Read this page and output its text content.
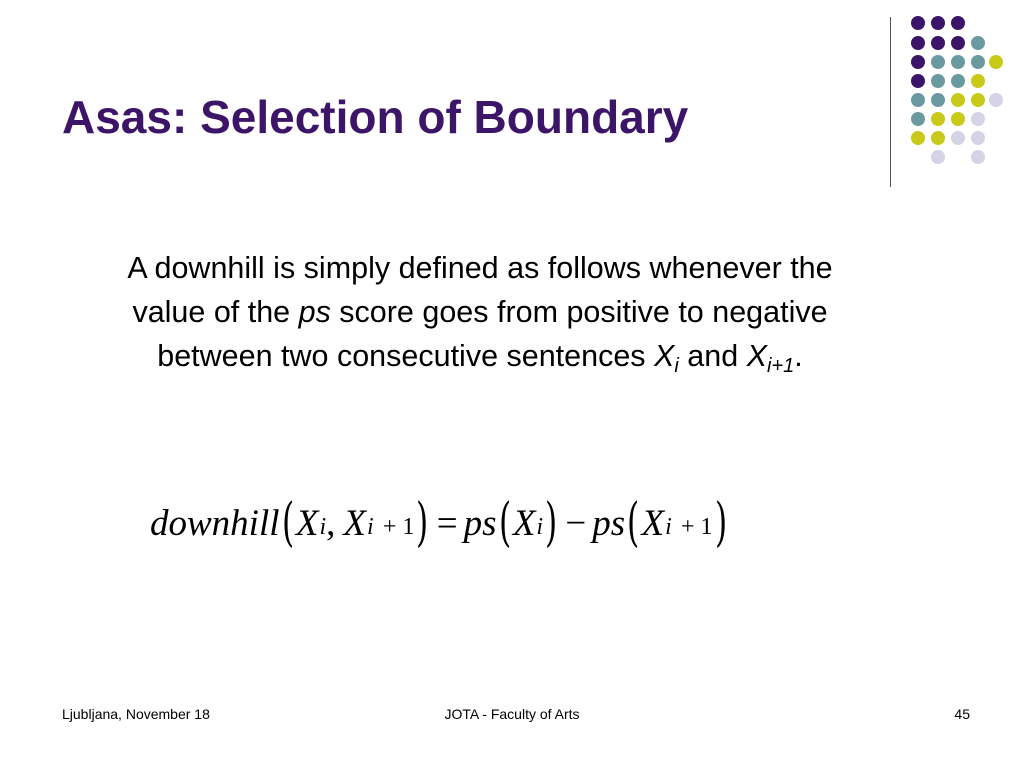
Asas: Selection of Boundary
A downhill is simply defined as follows whenever the value of the ps score goes from positive to negative between two consecutive sentences $X_i$ and $X_{i+1}$.
downhill ( X i , X i
+ 1 ) = ps ( X i ) − ps ( X i
+ 1 )
Ljubljana, November 18	JOTA - Faculty of Arts	45
